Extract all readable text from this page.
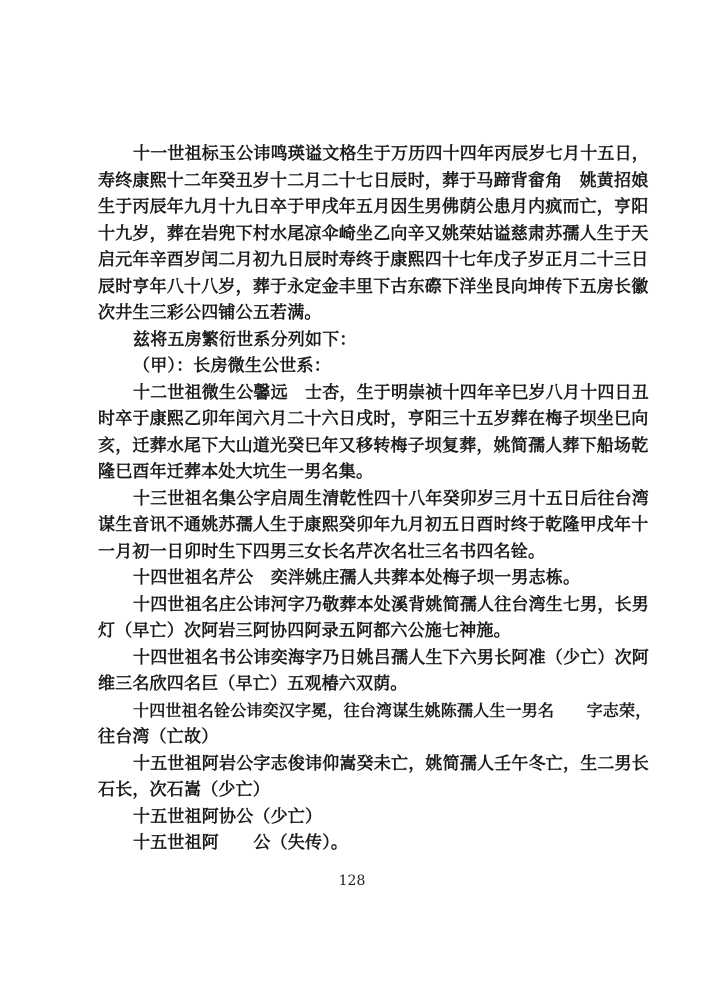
十一世祖标玉公讳鸣瑛谥文格生于万历四十四年丙辰岁七月十五日，
寿终康熙十二年癸丑岁十二月二十七日辰时，葬于马蹄背畲角　姚黄招娘
生于丙辰年九月十九日卒于甲戌年五月因生男佛荫公患月内疯而亡，亨阳
十九岁，葬在岩兜下村水尾凉伞崎坐乙向辛又姚荣姑谥慈肃苏孺人生于天
启元年辛酉岁闰二月初九日辰时寿终于康熙四十七年戊子岁正月二十三日
辰时亨年八十八岁，葬于永定金丰里下古东磜下洋坐艮向坤传下五房长徽
次井生三彩公四铺公五若满。
兹将五房繁衍世系分列如下：
（甲）：长房微生公世系：
十二世祖微生公馨远　士杏，生于明崇祯十四年辛巳岁八月十四日丑
时卒于康熙乙卯年闰六月二十六日戌时，亨阳三十五岁葬在梅子坝坐巳向
亥，迁葬水尾下大山道光癸巳年又移转梅子坝复葬，姚简孺人葬下船场乾
隆巳酉年迁葬本处大坑生一男名集。
十三世祖名集公字启周生清乾性四十八年癸卯岁三月十五日后往台湾
谋生音讯不通姚苏孺人生于康熙癸卯年九月初五日酉时终于乾隆甲戌年十
一月初一日卯时生下四男三女长名芹次名壮三名书四名铨。
十四世祖名芹公　奕泮姚庄孺人共葬本处梅子坝一男志栋。
十四世祖名庄公讳河字乃敬葬本处溪背姚简孺人往台湾生七男，长男
灯（早亡）次阿岩三阿协四阿录五阿都六公施七神施。
十四世祖名书公讳奕海字乃日姚吕孺人生下六男长阿准（少亡）次阿
维三名欣四名巨（早亡）五观椿六双荫。
十四世祖名铨公讳奕汉字冕，往台湾谋生姚陈孺人生一男名　　字志荣，
往台湾（亡故）
十五世祖阿岩公字志俊讳仰嵩癸未亡，姚简孺人壬午冬亡，生二男长
石长，次石嵩（少亡）
十五世祖阿协公（少亡）
十五世祖阿　　公（失传）。
128
